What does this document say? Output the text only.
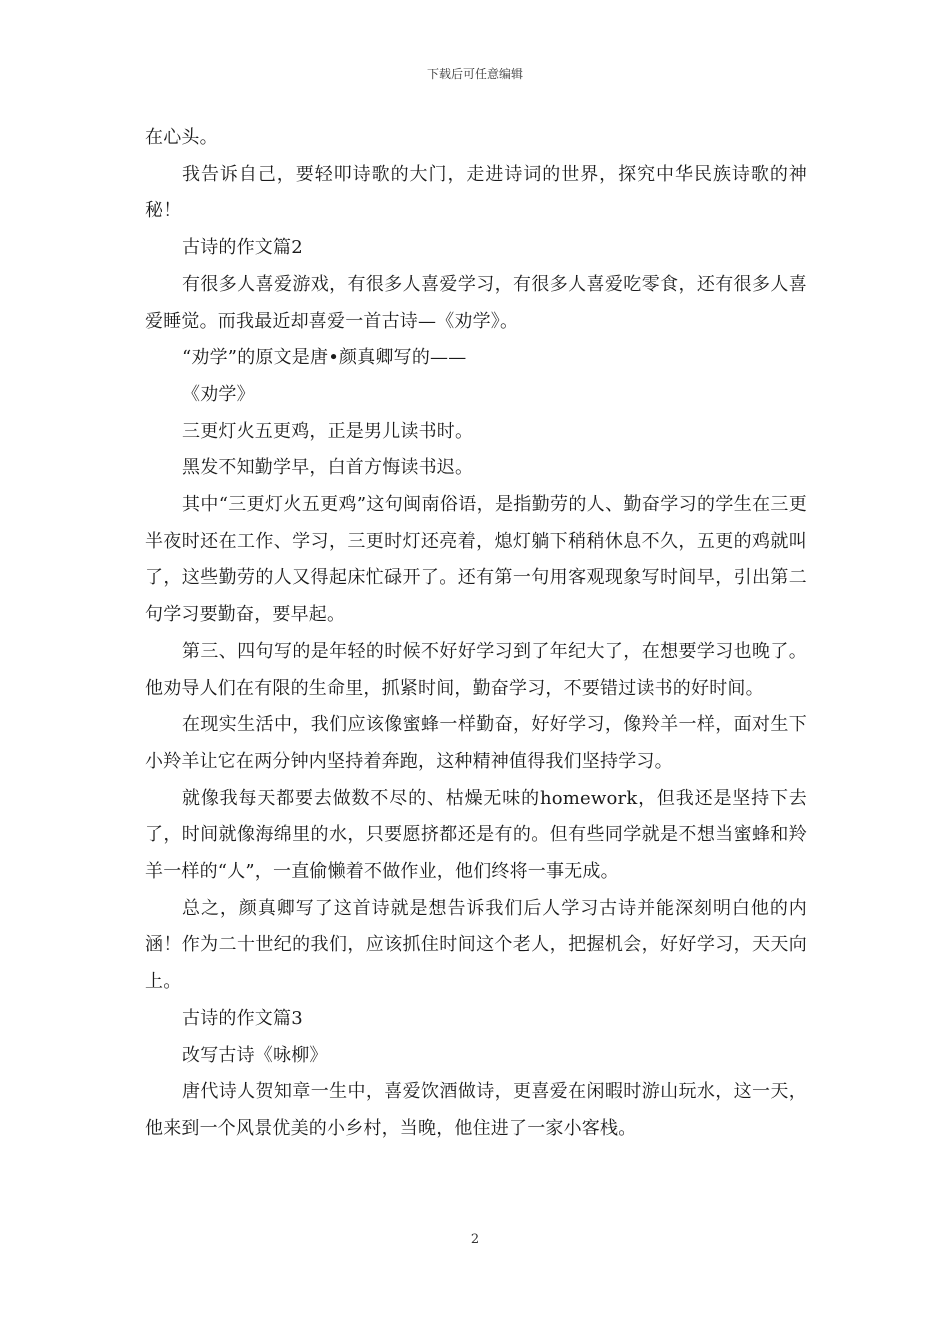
下载后可任意编辑

在心头。

我告诉自己，要轻叩诗歌的大门，走进诗词的世界，探究中华民族诗歌的神秘！

古诗的作文篇2

有很多人喜爱游戏，有很多人喜爱学习，有很多人喜爱吃零食，还有很多人喜爱睡觉。而我最近却喜爱一首古诗—《劝学》。

“劝学”的原文是唐•颜真卿写的——

《劝学》

三更灯火五更鸡，正是男儿读书时。

黑发不知勤学早，白首方悔读书迟。

其中“三更灯火五更鸡”这句闽南俗语，是指勤劳的人、勤奋学习的学生在三更半夜时还在工作、学习，三更时灯还亮着，熄灯躺下稍稍休息不久，五更的鸡就叫了，这些勤劳的人又得起床忙碌开了。还有第一句用客观现象写时间早，引出第二句学习要勤奋，要早起。

第三、四句写的是年轻的时候不好好学习到了年纪大了，在想要学习也晚了。他劝导人们在有限的生命里，抓紧时间，勤奋学习，不要错过读书的好时间。

在现实生活中，我们应该像蜜蜂一样勤奋，好好学习，像羚羊一样，面对生下小羚羊让它在两分钟内坚持着奔跑，这种精神值得我们坚持学习。

就像我每天都要去做数不尽的、枯燥无味的homework，但我还是坚持下去了，时间就像海绵里的水，只要愿挤都还是有的。但有些同学就是不想当蜜蜂和羚羊一样的“人”，一直偷懒着不做作业，他们终将一事无成。

总之，颜真卿写了这首诗就是想告诉我们后人学习古诗并能深刻明白他的内涵！作为二十世纪的我们，应该抓住时间这个老人，把握机会，好好学习，天天向上。

古诗的作文篇3

改写古诗《咏柳》

唐代诗人贺知章一生中，喜爱饮酒做诗，更喜爱在闲暇时游山玩水，这一天，他来到一个风景优美的小乡村，当晚，他住进了一家小客栈。

2
